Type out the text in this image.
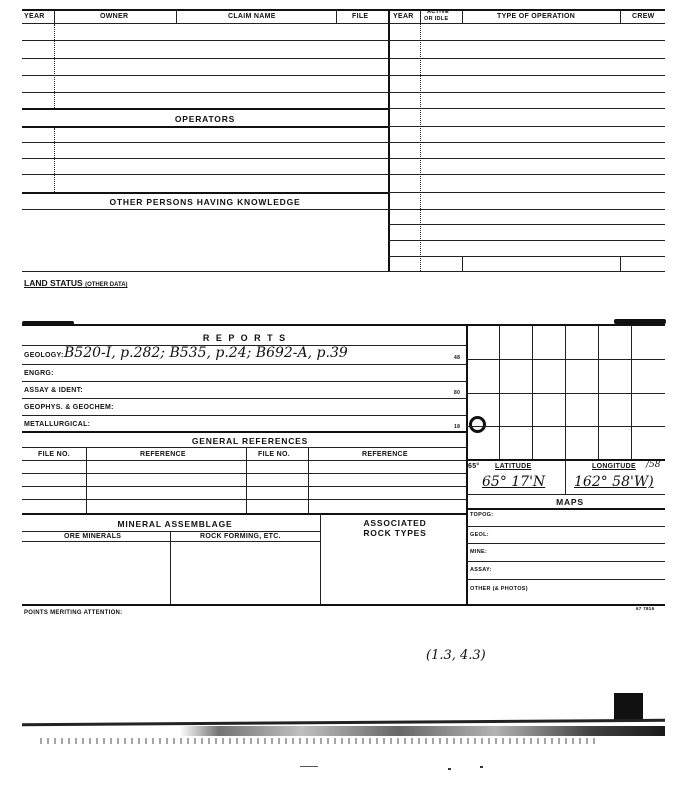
YEAR	OWNER	CLAIM NAME	FILE	YEAR
ACTIVE
OR IDLE	TYPE OF OPERATION	CREW
OPERATORS
OTHER PERSONS HAVING KNOWLEDGE
LAND STATUS (OTHER DATA)
R E P O R T S
GEOLOGY: B520-I, p.282; B535, p.24; B692-A, p.39	48
ENGRG:
ASSAY & IDENT:	80
GEOPHYS. & GEOCHEM:
METALLURGICAL:	18
GENERAL REFERENCES
FILE NO.	REFERENCE	FILE NO.	REFERENCE
MINERAL ASSEMBLAGE
ORE MINERALS	ROCK FORMING, ETC.
ASSOCIATED
ROCK TYPES
65° LATITUDE	LONGITUDE /58
65° 17'N 162° 58'W)
MAPS
TOPOG:
GEOL:
MINE:
ASSAY:
OTHER (& PHOTOS)
POINTS MERITING ATTENTION:
67 7816
(1.3, 4.3)
